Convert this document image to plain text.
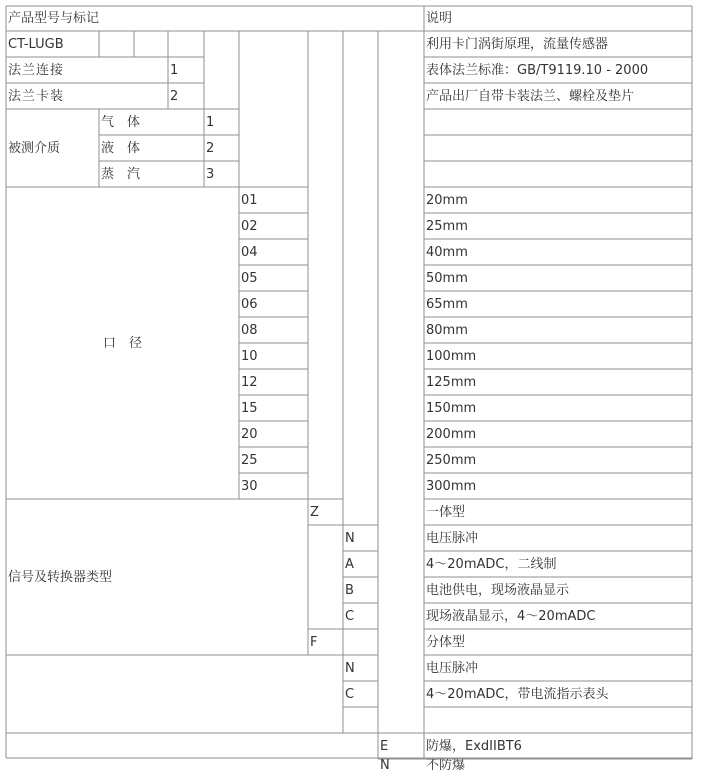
产品型号与标记	说明
CT-LUGB	利用卡门涡街原理，流量传感器
法兰连接	1	表体法兰标准：GB/T9119.10 - 2000
法兰卡装	2	产品出厂自带卡装法兰、螺栓及垫片
被测介质
气　体	1
液　体	2
蒸　汽	3
口　径
01	20mm
02	25mm
04	40mm
05	50mm
06	65mm
08	80mm
10	100mm
12	125mm
15	150mm
20	200mm
25	250mm
30	300mm
信号及转换器类型
Z	一体型
N	电压脉冲
A	4～20mADC，二线制
B	电池供电，现场液晶显示
C	现场液晶显示，4～20mADC
F	分体型
N	电压脉冲
C	4～20mADC，带电流指示表头
E	防爆，ExdIIBT6
N	不防爆
